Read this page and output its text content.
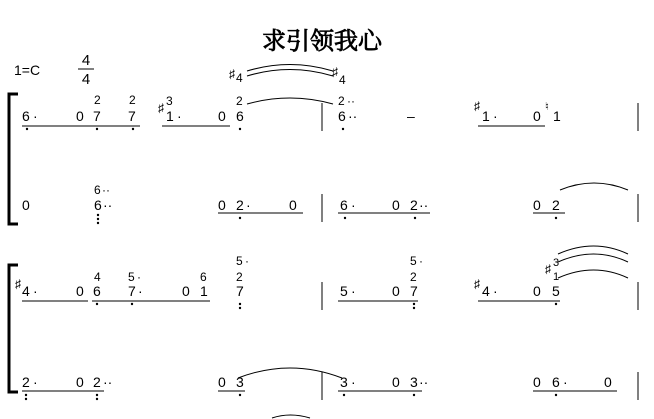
求引领我心
1=C
4
4
6 ·	0 7
2
7
2
♯ 3
1 ·	0
2
6
♯ 4	♯
4
2 ··
6 ··	–
♯
1 ·	0
♮
1
0
6 ··
6 ··	0 2 ·	0	6 ·	0 2 ··	0 2
♯ 4 ·	0
4
6
5 ·
7 ·	0
6
1
5 ·
2
7	5 ·	0
5 ·
2
7	♯ 4 ·	0
♯ 3
1
5
2 ·	0 2 ··	0 3	3 ·	0 3 ··	0 6 ·	0
